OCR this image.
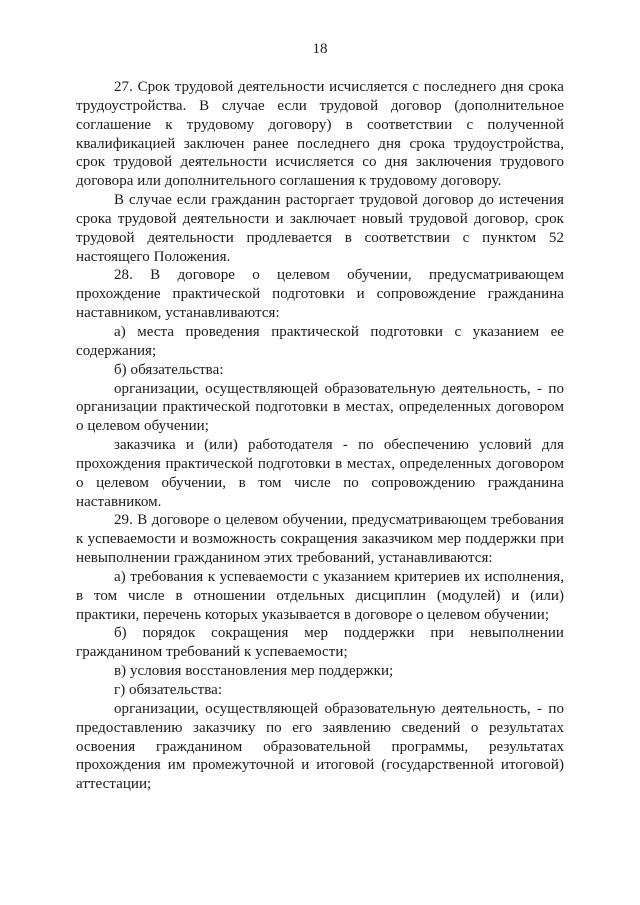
18

27. Срок трудовой деятельности исчисляется с последнего дня срока трудоустройства. В случае если трудовой договор (дополнительное соглашение к трудовому договору) в соответствии с полученной квалификацией заключен ранее последнего дня срока трудоустройства, срок трудовой деятельности исчисляется со дня заключения трудового договора или дополнительного соглашения к трудовому договору.

В случае если гражданин расторгает трудовой договор до истечения срока трудовой деятельности и заключает новый трудовой договор, срок трудовой деятельности продлевается в соответствии с пунктом 52 настоящего Положения.

28. В договоре о целевом обучении, предусматривающем прохождение практической подготовки и сопровождение гражданина наставником, устанавливаются:

а) места проведения практической подготовки с указанием ее содержания;

б) обязательства:

организации, осуществляющей образовательную деятельность, - по организации практической подготовки в местах, определенных договором о целевом обучении;

заказчика и (или) работодателя - по обеспечению условий для прохождения практической подготовки в местах, определенных договором о целевом обучении, в том числе по сопровождению гражданина наставником.

29. В договоре о целевом обучении, предусматривающем требования к успеваемости и возможность сокращения заказчиком мер поддержки при невыполнении гражданином этих требований, устанавливаются:

а) требования к успеваемости с указанием критериев их исполнения, в том числе в отношении отдельных дисциплин (модулей) и (или) практики, перечень которых указывается в договоре о целевом обучении;

б) порядок сокращения мер поддержки при невыполнении гражданином требований к успеваемости;

в) условия восстановления мер поддержки;

г) обязательства:

организации, осуществляющей образовательную деятельность, - по предоставлению заказчику по его заявлению сведений о результатах освоения гражданином образовательной программы, результатах прохождения им промежуточной и итоговой (государственной итоговой) аттестации;
